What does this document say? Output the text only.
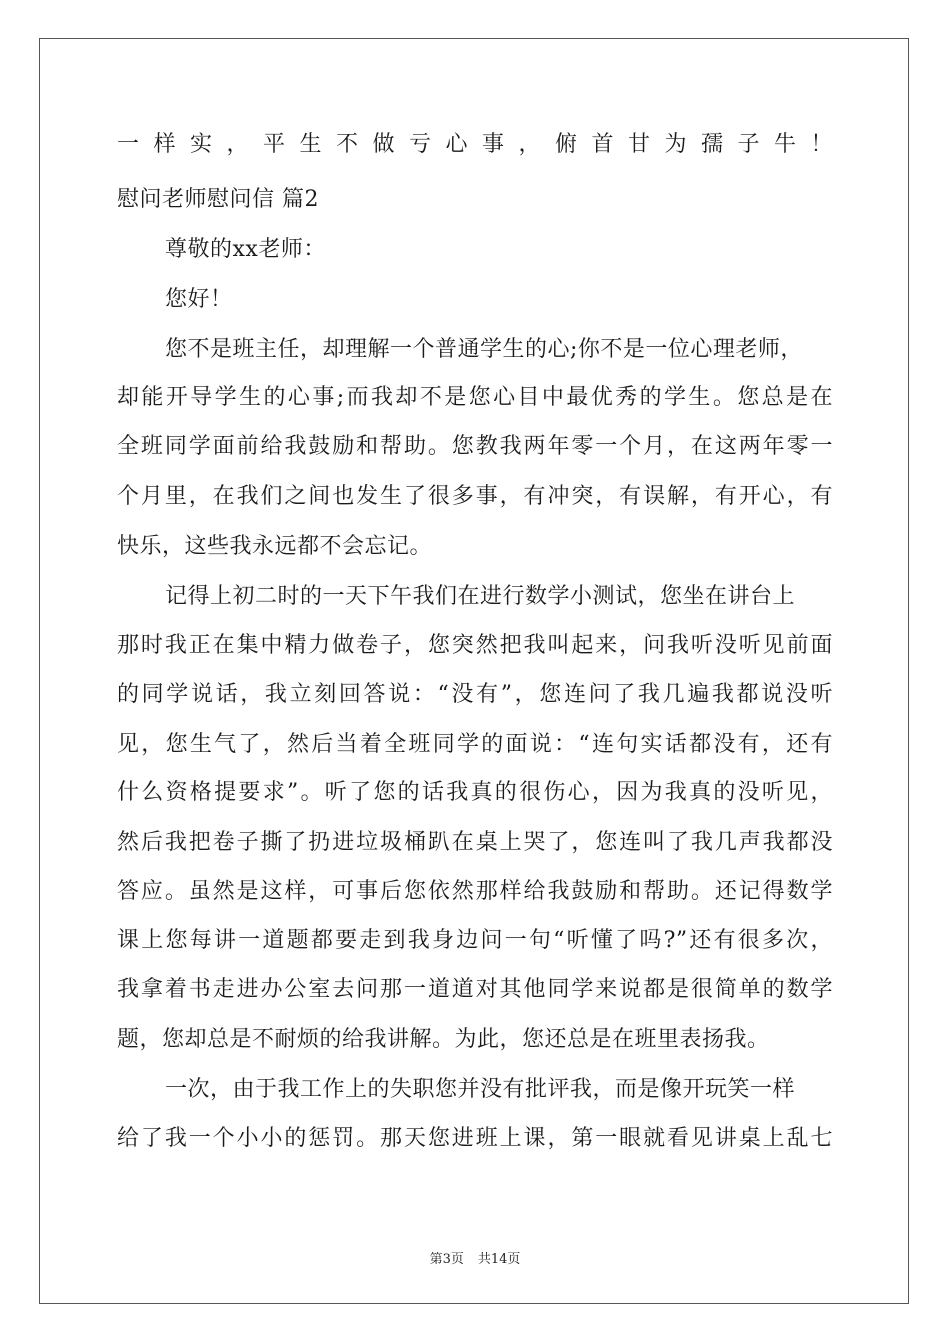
一样实，平生不做亏心事，俯首甘为孺子牛！
慰问老师慰问信 篇2
尊敬的xx老师：
您好！
您不是班主任，却理解一个普通学生的心;你不是一位心理老师，
却能开导学生的心事;而我却不是您心目中最优秀的学生。您总是在
全班同学面前给我鼓励和帮助。您教我两年零一个月，在这两年零一
个月里，在我们之间也发生了很多事，有冲突，有误解，有开心，有
快乐，这些我永远都不会忘记。
记得上初二时的一天下午我们在进行数学小测试，您坐在讲台上
那时我正在集中精力做卷子，您突然把我叫起来，问我听没听见前面
的同学说话，我立刻回答说：“没有”，您连问了我几遍我都说没听
见，您生气了，然后当着全班同学的面说：“连句实话都没有，还有
什么资格提要求”。听了您的话我真的很伤心，因为我真的没听见，
然后我把卷子撕了扔进垃圾桶趴在桌上哭了，您连叫了我几声我都没
答应。虽然是这样，可事后您依然那样给我鼓励和帮助。还记得数学
课上您每讲一道题都要走到我身边问一句“听懂了吗?”还有很多次，
我拿着书走进办公室去问那一道道对其他同学来说都是很简单的数学
题，您却总是不耐烦的给我讲解。为此，您还总是在班里表扬我。
一次，由于我工作上的失职您并没有批评我，而是像开玩笑一样
给了我一个小小的惩罚。那天您进班上课，第一眼就看见讲桌上乱七
第3页 共14页
